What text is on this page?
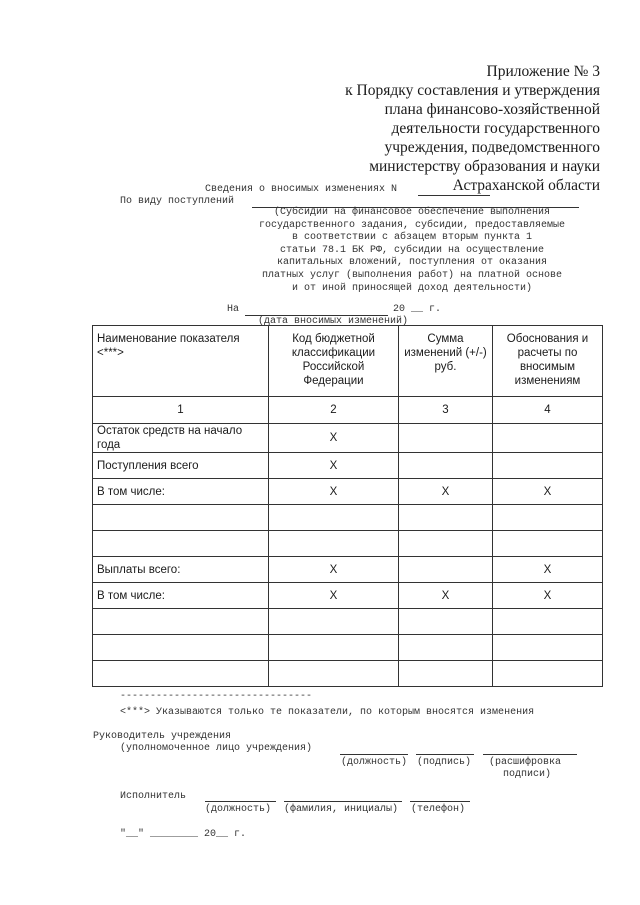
Приложение № 3
к Порядку составления и утверждения
плана финансово-хозяйственной
деятельности государственного
учреждения, подведомственного
министерству образования и науки
Астраханской области
Сведения о вносимых изменениях N
По виду поступлений
(Субсидии на финансовое обеспечение выполнения
государственного задания, субсидии, предоставляемые
в соответствии с абзацем вторым пункта 1
статьи 78.1 БК РФ, субсидии на осуществление
капитальных вложений, поступления от оказания
платных услуг (выполнения работ) на платной основе
и от иной приносящей доход деятельности)
На	20 __ г.
(дата вносимых изменений)
Наименование показателя <***>	Код бюджетной классификации Российской Федерации	Сумма изменений (+/-) руб.	Обоснования и расчеты по вносимым изменениям
1	2	3	4
Остаток средств на начало года	X		
Поступления всего	X		
В том числе:	X	X	X

Выплаты всего:	X		X
В том числе:	X	X	X

--------------------------------
<***> Указываются только те показатели, по которым вносятся изменения
Руководитель учреждения
(уполномоченное лицо учреждения)
(должность) (подпись) (расшифровка
подписи)
Исполнитель
(должность) (фамилия, инициалы) (телефон)
"__" ________ 20__ г.
